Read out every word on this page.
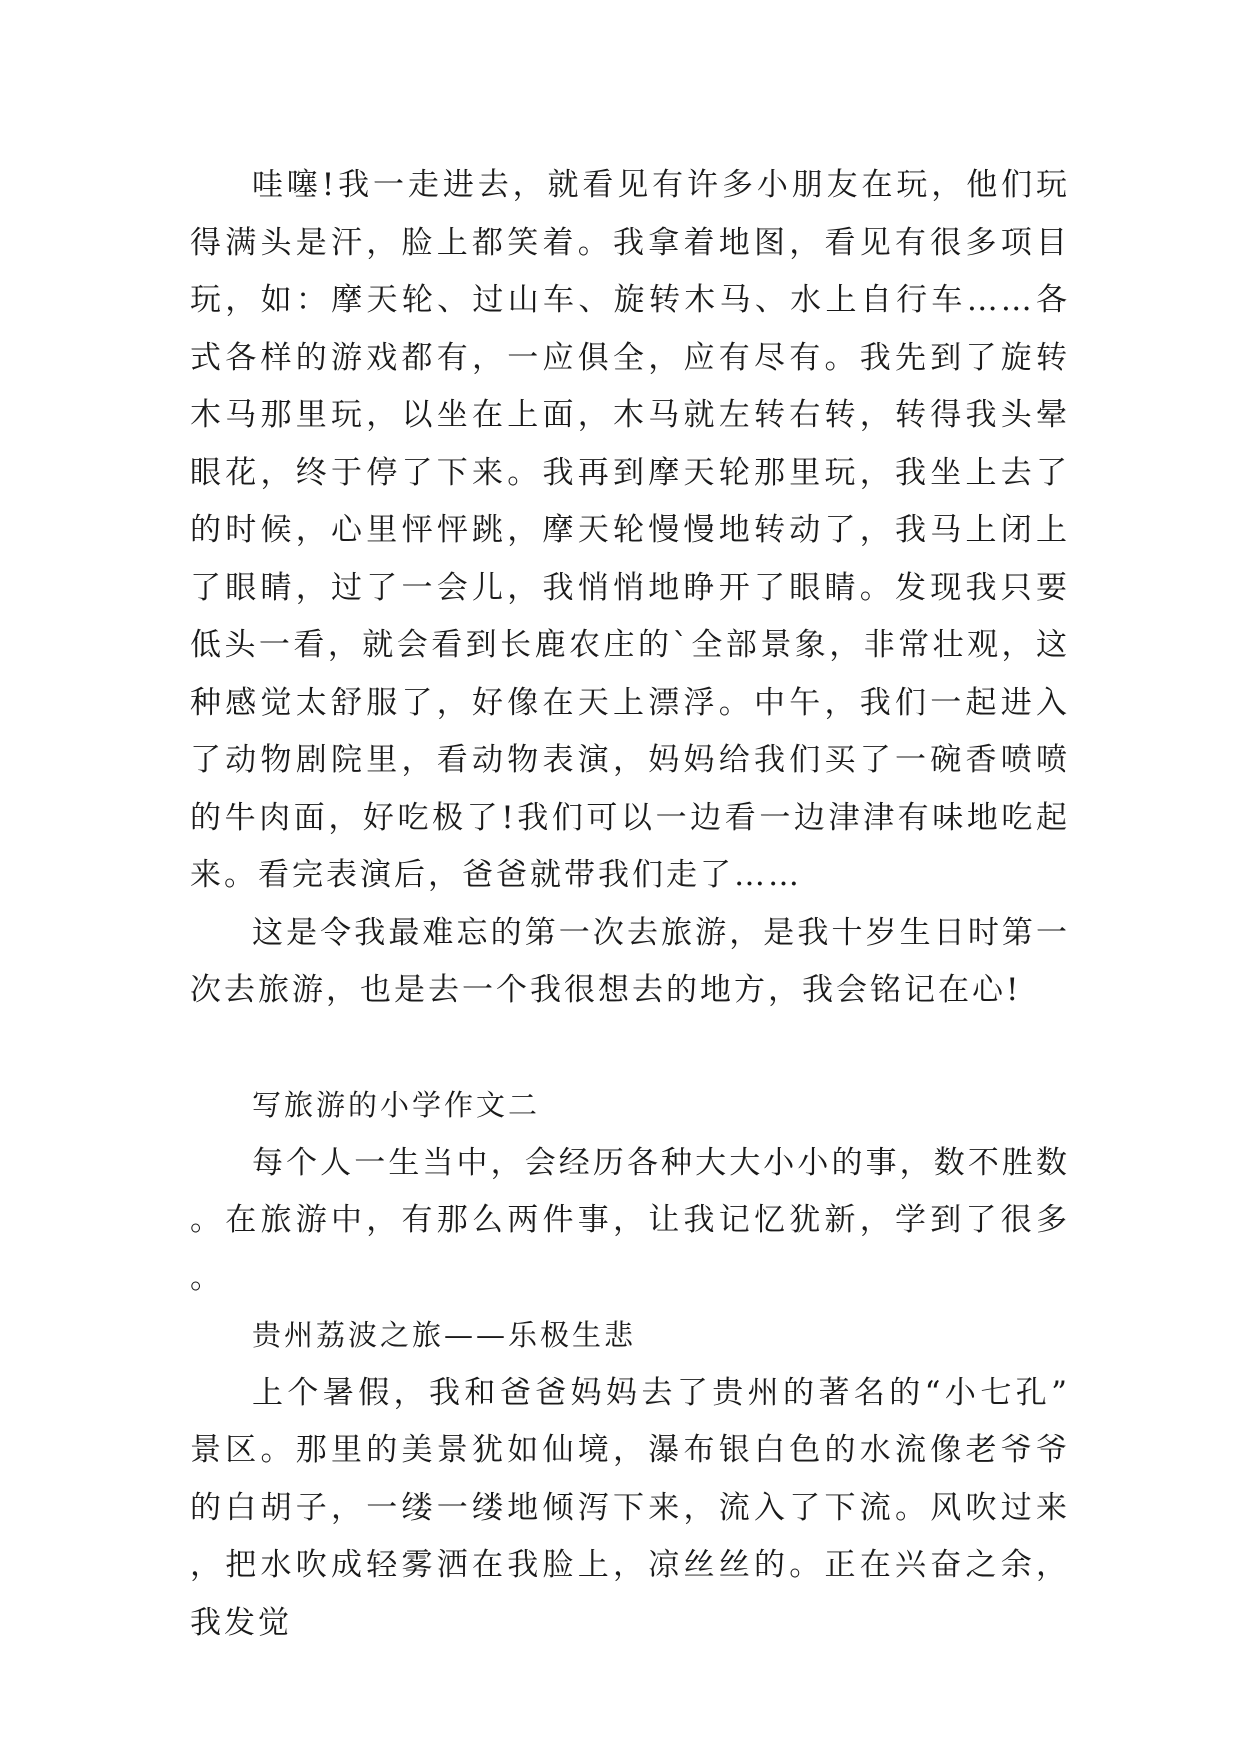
哇噻!我一走进去，就看见有许多小朋友在玩，他们玩得满头是汗，脸上都笑着。我拿着地图，看见有很多项目玩，如：摩天轮、过山车、旋转木马、水上自行车……各式各样的游戏都有，一应俱全，应有尽有。我先到了旋转木马那里玩，以坐在上面，木马就左转右转，转得我头晕眼花，终于停了下来。我再到摩天轮那里玩，我坐上去了的时候，心里怦怦跳，摩天轮慢慢地转动了，我马上闭上了眼睛，过了一会儿，我悄悄地睁开了眼睛。发现我只要低头一看，就会看到长鹿农庄的`全部景象，非常壮观，这种感觉太舒服了，好像在天上漂浮。中午，我们一起进入了动物剧院里，看动物表演，妈妈给我们买了一碗香喷喷的牛肉面，好吃极了!我们可以一边看一边津津有味地吃起来。看完表演后，爸爸就带我们走了……

这是令我最难忘的第一次去旅游，是我十岁生日时第一次去旅游，也是去一个我很想去的地方，我会铭记在心!

写旅游的小学作文二

每个人一生当中，会经历各种大大小小的事，数不胜数。在旅游中，有那么两件事，让我记忆犹新，学到了很多。

贵州荔波之旅——乐极生悲

上个暑假，我和爸爸妈妈去了贵州的著名的“小七孔”景区。那里的美景犹如仙境，瀑布银白色的水流像老爷爷的白胡子，一缕一缕地倾泻下来，流入了下流。风吹过来，把水吹成轻雾洒在我脸上，凉丝丝的。正在兴奋之余，我发觉
